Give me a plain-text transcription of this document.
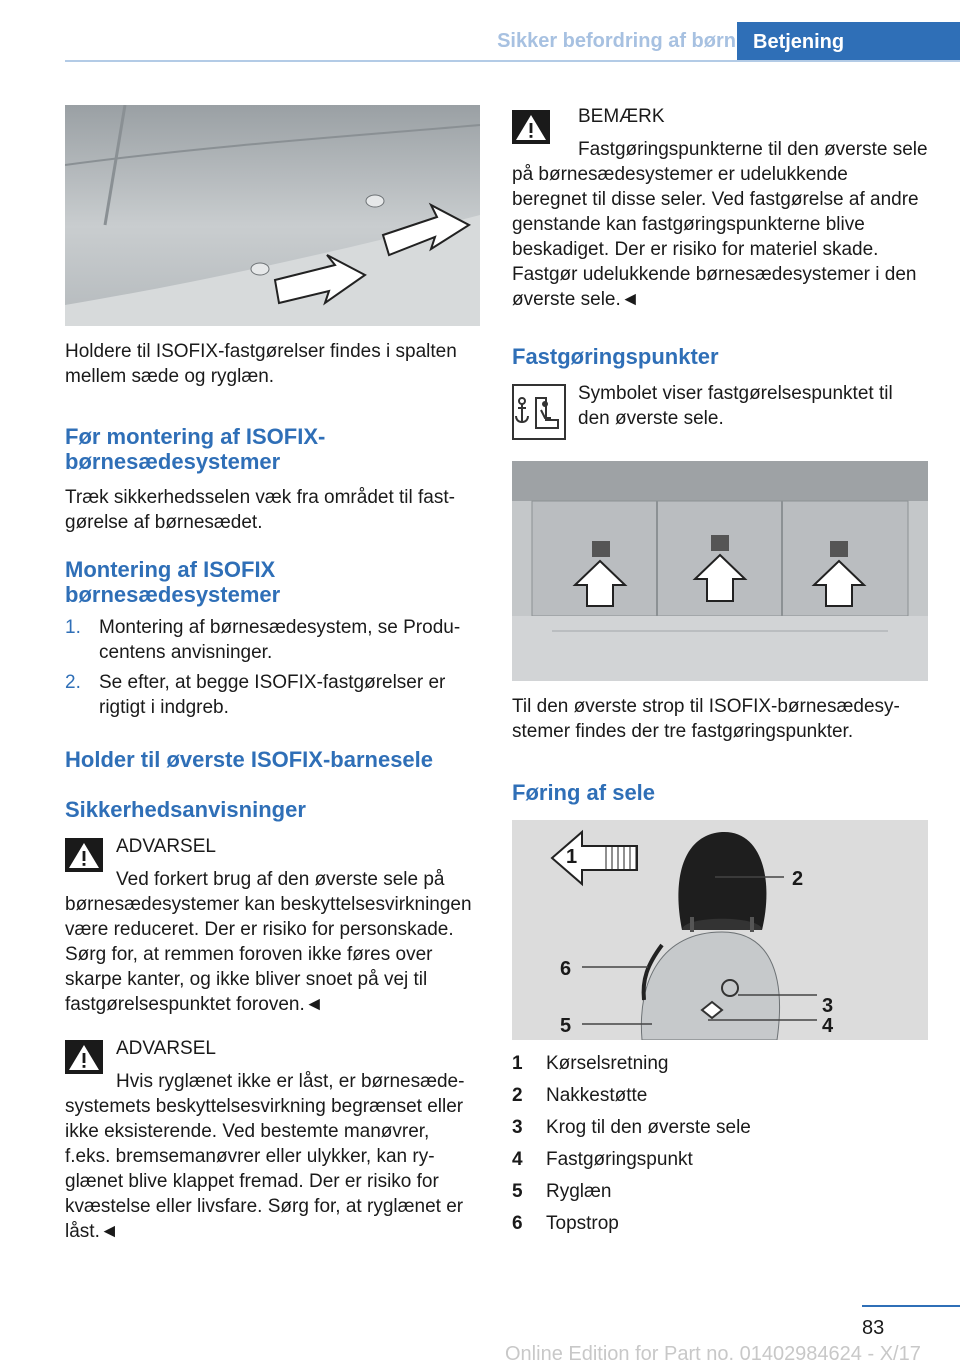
Sikker befordring af børn Betjening
Holdere til ISOFIX-fastgørelser findes i spalten mellem sæde og ryglæn.
Før montering af ISOFIX-børnesædesystemer
Træk sikkerhedsselen væk fra området til fastgørelse af børnesædet.
Montering af ISOFIX børnesædesystemer
1. Montering af børnesædesystem, se Producentens anvisninger.
2. Se efter, at begge ISOFIX-fastgørelser er rigtigt i indgreb.
Holder til øverste ISOFIX-barnesele
Sikkerhedsanvisninger
ADVARSEL
Ved forkert brug af den øverste sele på børnesædesystemer kan beskyttelsesvirkningen være reduceret. Der er risiko for personskade. Sørg for, at remmen foroven ikke føres over skarpe kanter, og ikke bliver snoet på vej til fastgørelsespunktet foroven.◄
ADVARSEL
Hvis ryglænet ikke er låst, er børnesædesystemets beskyttelsesvirkning begrænset eller ikke eksisterende. Ved bestemte manøvrer, f.eks. bremsemanøvrer eller ulykker, kan ryglænet blive klappet fremad. Der er risiko for kvæstelse eller livsfare. Sørg for, at ryglænet er låst.◄
BEMÆRK
Fastgøringspunkterne til den øverste sele på børnesædesystemer er udelukkende beregnet til disse seler. Ved fastgørelse af andre genstande kan fastgøringspunkterne blive beskadiget. Der er risiko for materiel skade. Fastgør udelukkende børnesædesystemer i den øverste sele.◄
Fastgøringspunkter
Symbolet viser fastgørelsespunktet til den øverste sele.
Til den øverste strop til ISOFIX-børnesædesystemer findes der tre fastgøringspunkter.
Føring af sele
1
2
6
3
4
5
1 Kørselsretning
2 Nakkestøtte
3 Krog til den øverste sele
4 Fastgøringspunkt
5 Ryglæn
6 Topstrop
83
Online Edition for Part no. 01402984624 - X/17
